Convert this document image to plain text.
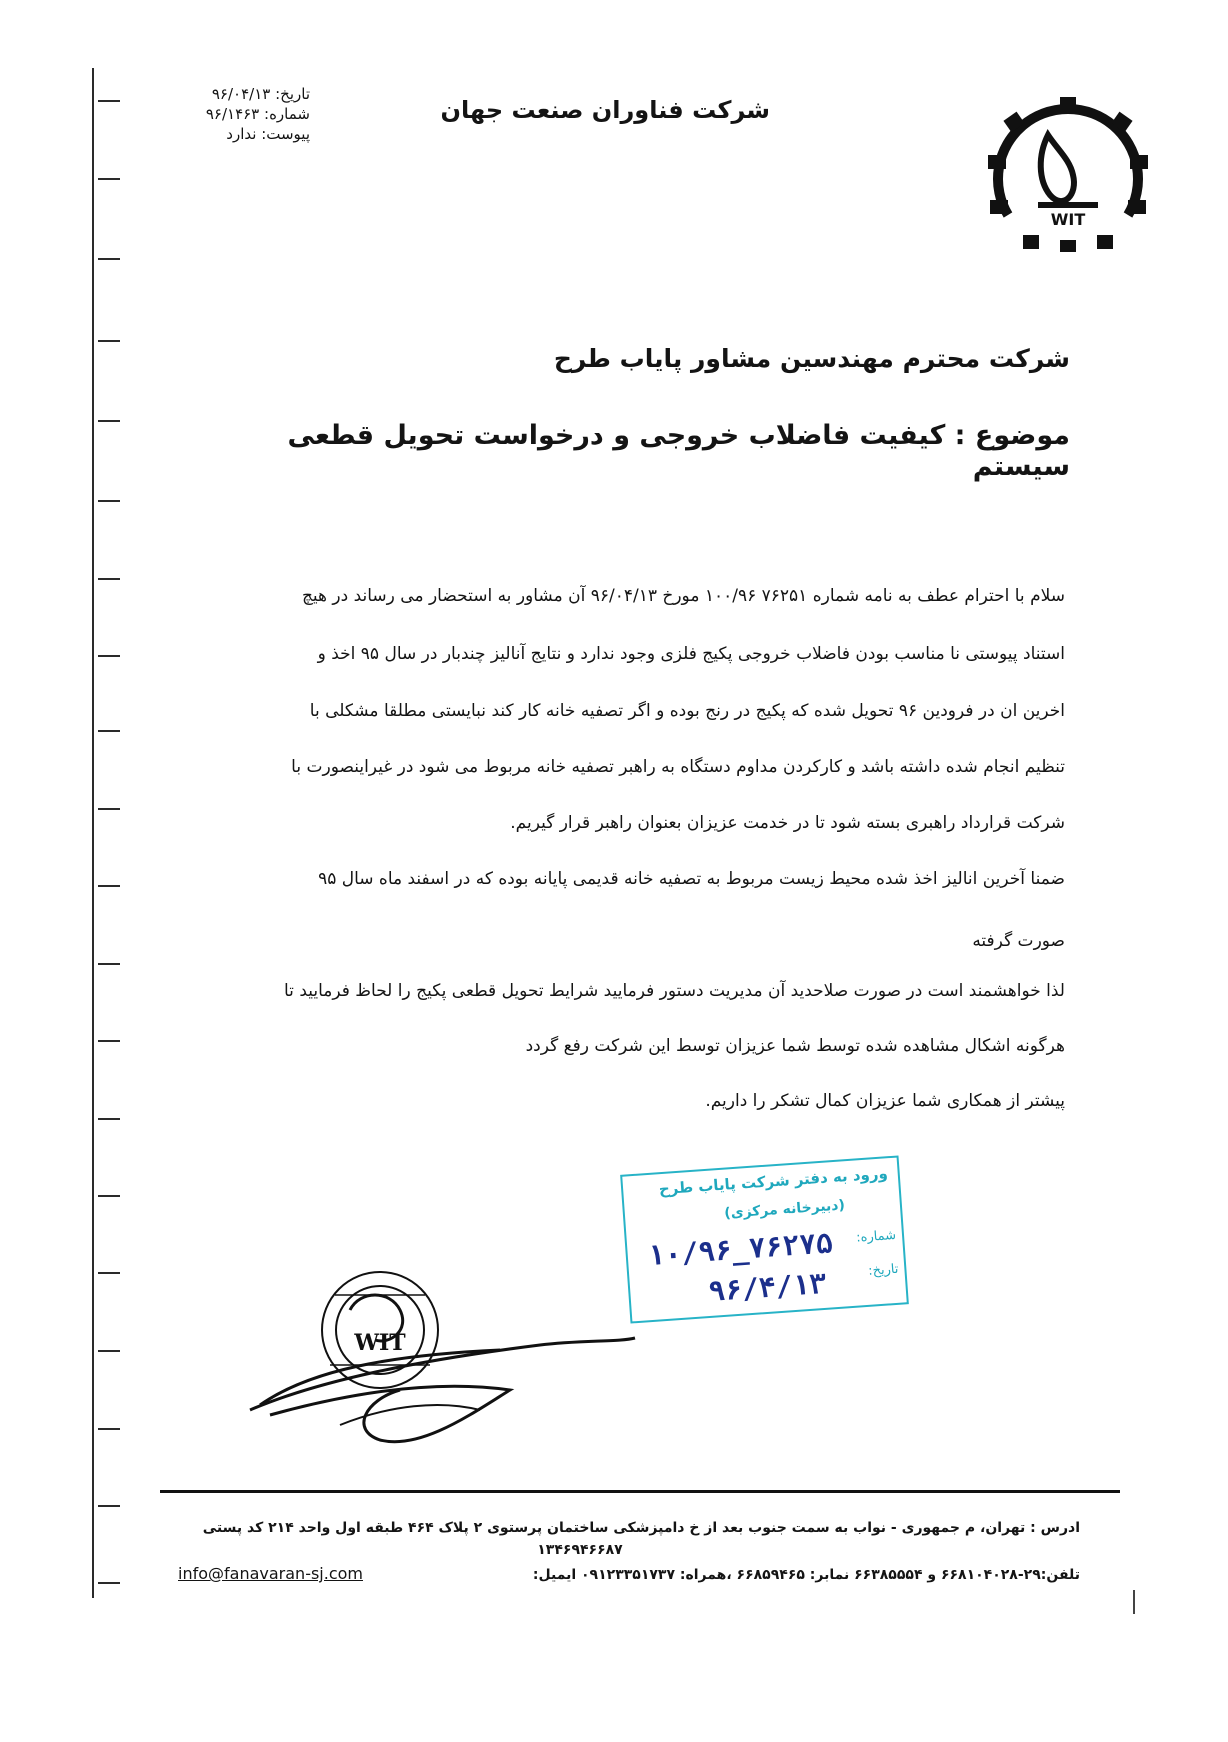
شرکت فناوران صنعت جهان
تاریخ: ۹۶/۰۴/۱۳
شماره: ۹۶/۱۴۶۳
پیوست: ندارد
WIT
شرکت محترم مهندسین مشاور پایاب طرح
موضوع : کیفیت فاضلاب خروجی و درخواست تحویل قطعی سیستم
سلام با احترام عطف به نامه شماره ۷۶۲۵۱ ۱۰۰/۹۶ مورخ ۹۶/۰۴/۱۳ آن مشاور به استحضار می رساند در هیچ
استناد پیوستی نا مناسب بودن فاضلاب خروجی پکیج فلزی وجود ندارد و نتایج آنالیز چندبار در سال ۹۵ اخذ و
اخرین ان در فرودین ۹۶ تحویل شده که پکیج در رنج بوده و اگر تصفیه خانه کار کند نبایستی مطلقا مشکلی با
تنظیم انجام شده داشته باشد و کارکردن مداوم دستگاه به راهبر تصفیه خانه مربوط می شود در غیراینصورت با
شرکت قرارداد راهبری بسته شود تا در خدمت عزیزان بعنوان راهبر قرار گیریم.
ضمنا آخرین انالیز اخذ شده محیط زیست مربوط به تصفیه خانه قدیمی پایانه بوده که در اسفند ماه سال ۹۵
صورت گرفته
لذا خواهشمند است در صورت صلاحدید آن مدیریت دستور فرمایید شرایط تحویل قطعی پکیج را لحاظ فرمایید تا
هرگونه اشکال مشاهده شده توسط شما عزیزان توسط این شرکت رفع گردد
پیشتر از همکاری شما عزیزان کمال تشکر را داریم.
ورود به دفتر شرکت پایاب طرح
(دبیرخانه مرکزی)
شماره:
تاریخ:
۱۰/۹۶_۷۶۲۷۵
۹۶/۴/۱۳
WIT
ادرس : تهران، م جمهوری - نواب به سمت جنوب بعد از خ دامپزشکی ساختمان پرستوی ۲ پلاک ۴۶۴ طبقه اول واحد ۲۱۴ کد پستی
۱۳۴۶۹۴۶۶۸۷
تلفن:۲۹-۶۶۸۱۰۴۰۲۸ و ۶۶۳۸۵۵۵۴ نمابر: ۶۶۸۵۹۴۶۵ ،همراه: ۰۹۱۲۳۳۵۱۷۳۷ ایمیل:
info@fanavaran-sj.com
